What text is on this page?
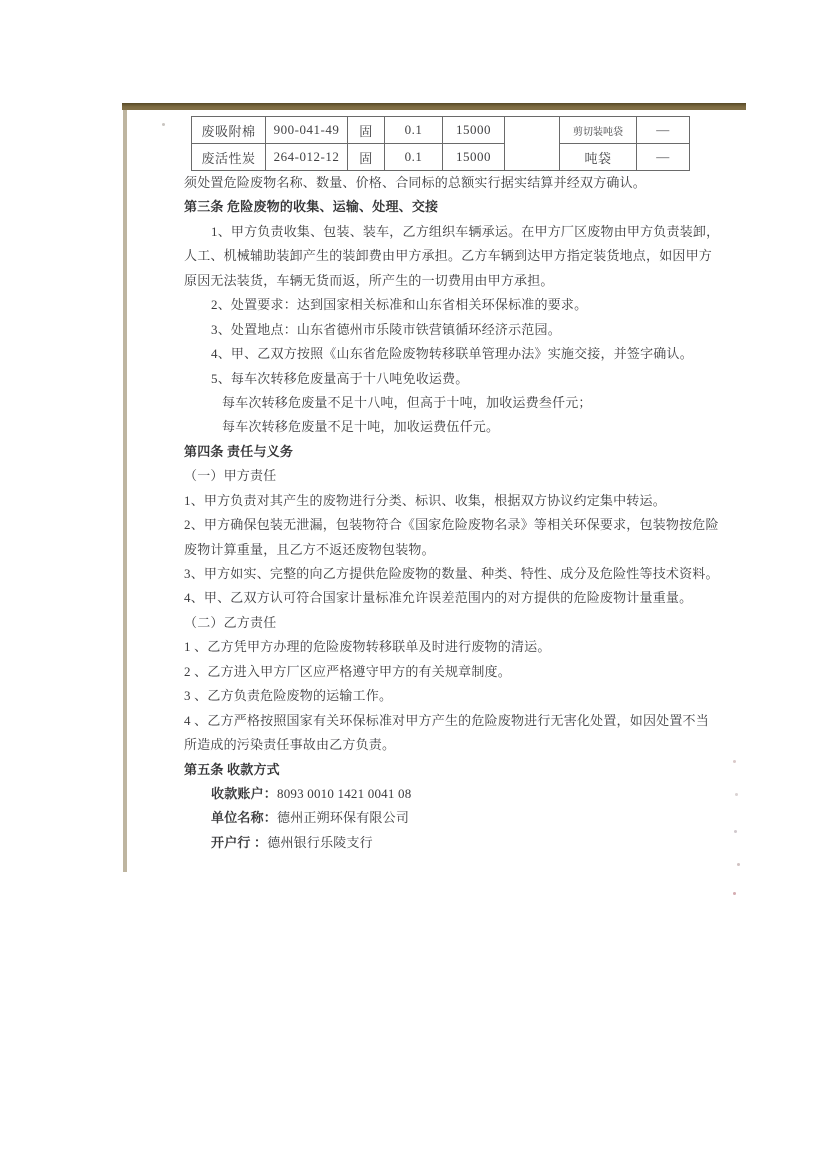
废吸附棉	900-041-49	固	0.1	15000		剪切装吨袋	—
废活性炭	264-012-12	固	0.1	15000		吨袋	—
须处置危险废物名称、数量、价格、合同标的总额实行据实结算并经双方确认。
第三条 危险废物的收集、运输、处理、交接
1、甲方负责收集、包装、装车，乙方组织车辆承运。在甲方厂区废物由甲方负责装卸，
人工、机械辅助装卸产生的装卸费由甲方承担。乙方车辆到达甲方指定装货地点，如因甲方
原因无法装货，车辆无货而返，所产生的一切费用由甲方承担。
2、处置要求：达到国家相关标准和山东省相关环保标准的要求。
3、处置地点：山东省德州市乐陵市铁营镇循环经济示范园。
4、甲、乙双方按照《山东省危险废物转移联单管理办法》实施交接，并签字确认。
5、每车次转移危废量高于十八吨免收运费。
每车次转移危废量不足十八吨，但高于十吨，加收运费叁仟元；
每车次转移危废量不足十吨，加收运费伍仟元。
第四条 责任与义务
（一）甲方责任
1、甲方负责对其产生的废物进行分类、标识、收集，根据双方协议约定集中转运。
2、甲方确保包装无泄漏，包装物符合《国家危险废物名录》等相关环保要求，包装物按危险
废物计算重量，且乙方不返还废物包装物。
3、甲方如实、完整的向乙方提供危险废物的数量、种类、特性、成分及危险性等技术资料。
4、甲、乙双方认可符合国家计量标准允许误差范围内的对方提供的危险废物计量重量。
（二）乙方责任
1 、乙方凭甲方办理的危险废物转移联单及时进行废物的清运。
2 、乙方进入甲方厂区应严格遵守甲方的有关规章制度。
3 、乙方负责危险废物的运输工作。
4 、乙方严格按照国家有关环保标准对甲方产生的危险废物进行无害化处置，如因处置不当
所造成的污染责任事故由乙方负责。
第五条 收款方式
收款账户：8093 0010 1421 0041 08
单位名称：德州正朔环保有限公司
开户行 ：德州银行乐陵支行
